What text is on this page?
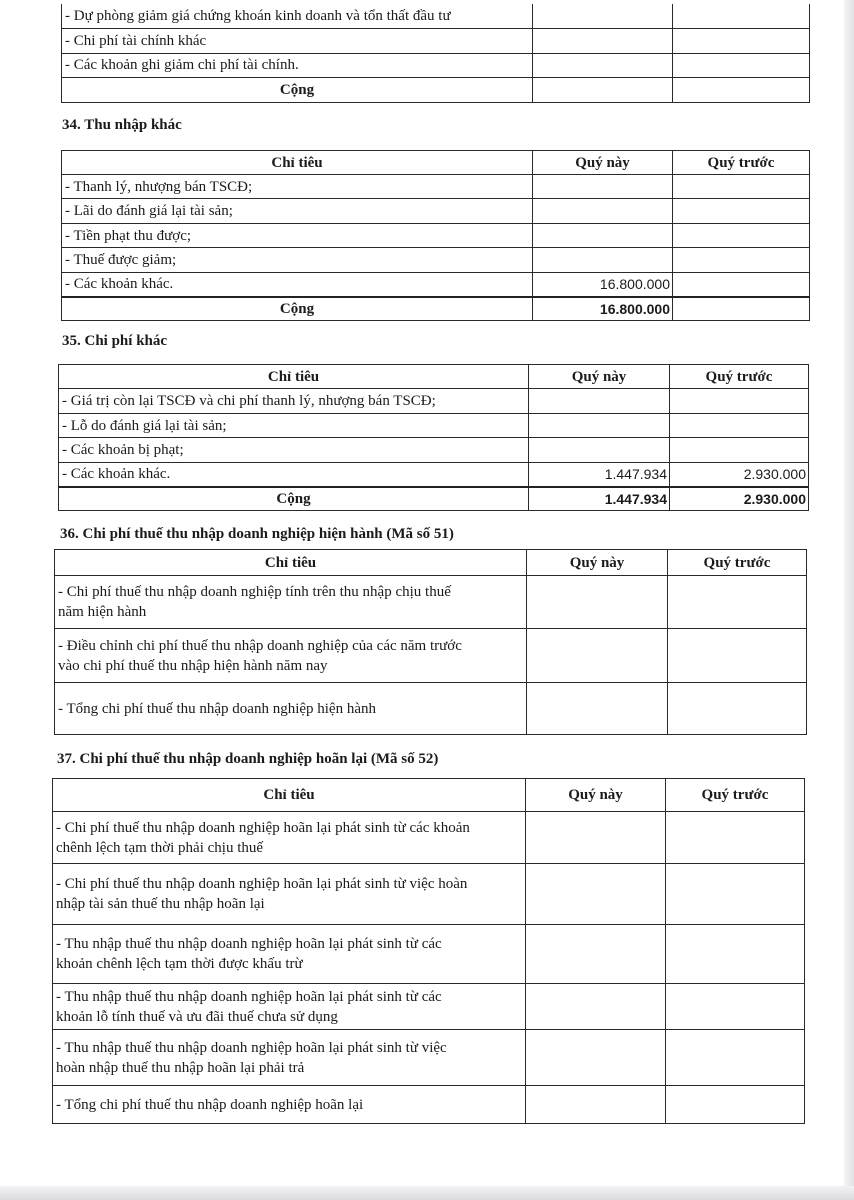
- Dự phòng giảm giá chứng khoán kinh doanh và tổn thất đầu tư		
- Chi phí tài chính khác		
- Các khoản ghi giảm chi phí tài chính.		
Cộng		

34. Thu nhập khác

Chỉ tiêu	Quý này	Quý trước
- Thanh lý, nhượng bán TSCĐ;		
- Lãi do đánh giá lại tài sản;		
- Tiền phạt thu được;		
- Thuế được giảm;		
- Các khoản khác.	16.800.000	
Cộng	16.800.000	

35. Chi phí khác

Chỉ tiêu	Quý này	Quý trước
- Giá trị còn lại TSCĐ và chi phí thanh lý, nhượng bán TSCĐ;		
- Lỗ do đánh giá lại tài sản;		
- Các khoản bị phạt;		
- Các khoản khác.	1.447.934	2.930.000
Cộng	1.447.934	2.930.000

36. Chi phí thuế thu nhập doanh nghiệp hiện hành (Mã số 51)

Chỉ tiêu	Quý này	Quý trước
- Chi phí thuế thu nhập doanh nghiệp tính trên thu nhập chịu thuế
năm hiện hành		
- Điều chỉnh chi phí thuế thu nhập doanh nghiệp của các năm trước
vào chi phí thuế thu nhập hiện hành năm nay		
- Tổng chi phí thuế thu nhập doanh nghiệp hiện hành		

37. Chi phí thuế thu nhập doanh nghiệp hoãn lại (Mã số 52)

Chỉ tiêu	Quý này	Quý trước
- Chi phí thuế thu nhập doanh nghiệp hoãn lại phát sinh từ các khoản
chênh lệch tạm thời phải chịu thuế		
- Chi phí thuế thu nhập doanh nghiệp hoãn lại phát sinh từ việc hoàn
nhập tài sản thuế thu nhập hoãn lại		
- Thu nhập thuế thu nhập doanh nghiệp hoãn lại phát sinh từ các
khoản chênh lệch tạm thời được khấu trừ		
- Thu nhập thuế thu nhập doanh nghiệp hoãn lại phát sinh từ các
khoản lỗ tính thuế và ưu đãi thuế chưa sử dụng		
- Thu nhập thuế thu nhập doanh nghiệp hoãn lại phát sinh từ việc
hoàn nhập thuế thu nhập hoãn lại phải trả		
- Tổng chi phí thuế thu nhập doanh nghiệp hoãn lại		
